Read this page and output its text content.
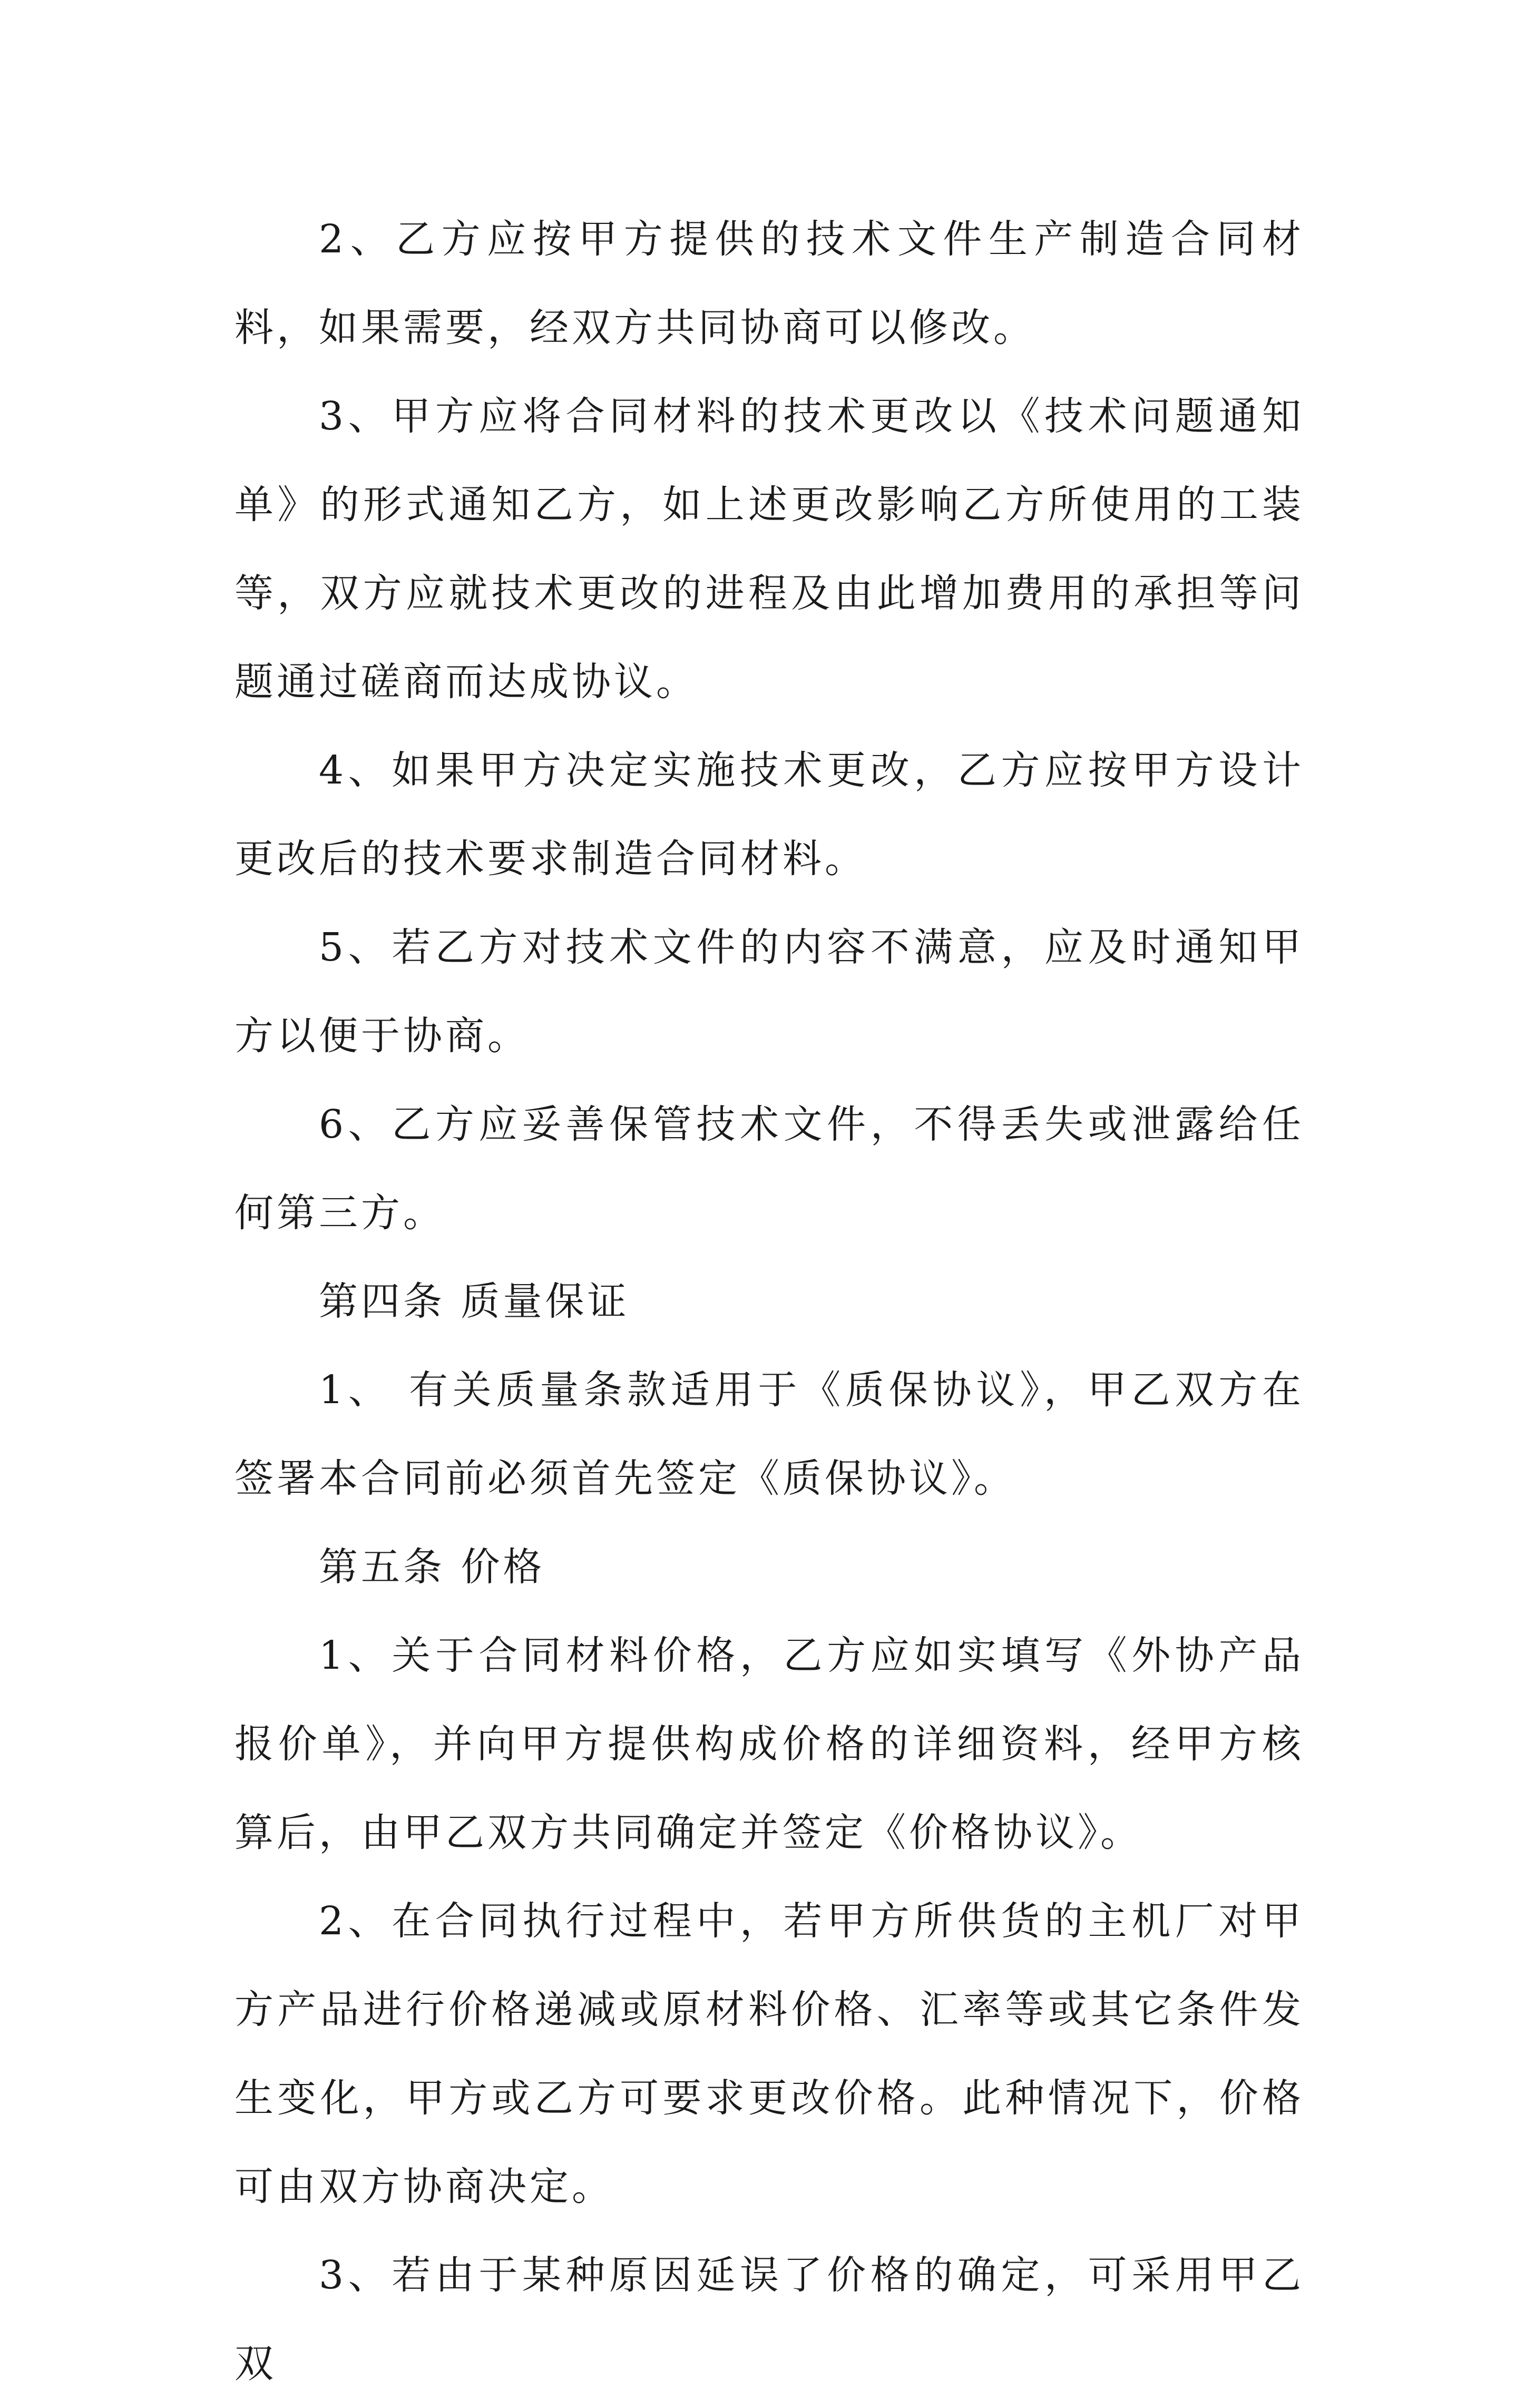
2、乙方应按甲方提供的技术文件生产制造合同材料，如果需要，经双方共同协商可以修改。

3、甲方应将合同材料的技术更改以《技术问题通知单》的形式通知乙方，如上述更改影响乙方所使用的工装等，双方应就技术更改的进程及由此增加费用的承担等问题通过磋商而达成协议。

4、如果甲方决定实施技术更改，乙方应按甲方设计更改后的技术要求制造合同材料。

5、若乙方对技术文件的内容不满意，应及时通知甲方以便于协商。

6、乙方应妥善保管技术文件，不得丢失或泄露给任何第三方。

第四条 质量保证

1、 有关质量条款适用于《质保协议》，甲乙双方在签署本合同前必须首先签定《质保协议》。

第五条 价格

1、关于合同材料价格，乙方应如实填写《外协产品报价单》，并向甲方提供构成价格的详细资料，经甲方核算后，由甲乙双方共同确定并签定《价格协议》。

2、在合同执行过程中，若甲方所供货的主机厂对甲方产品进行价格递减或原材料价格、汇率等或其它条件发生变化，甲方或乙方可要求更改价格。此种情况下，价格可由双方协商决定。

3、若由于某种原因延误了价格的确定，可采用甲乙双
